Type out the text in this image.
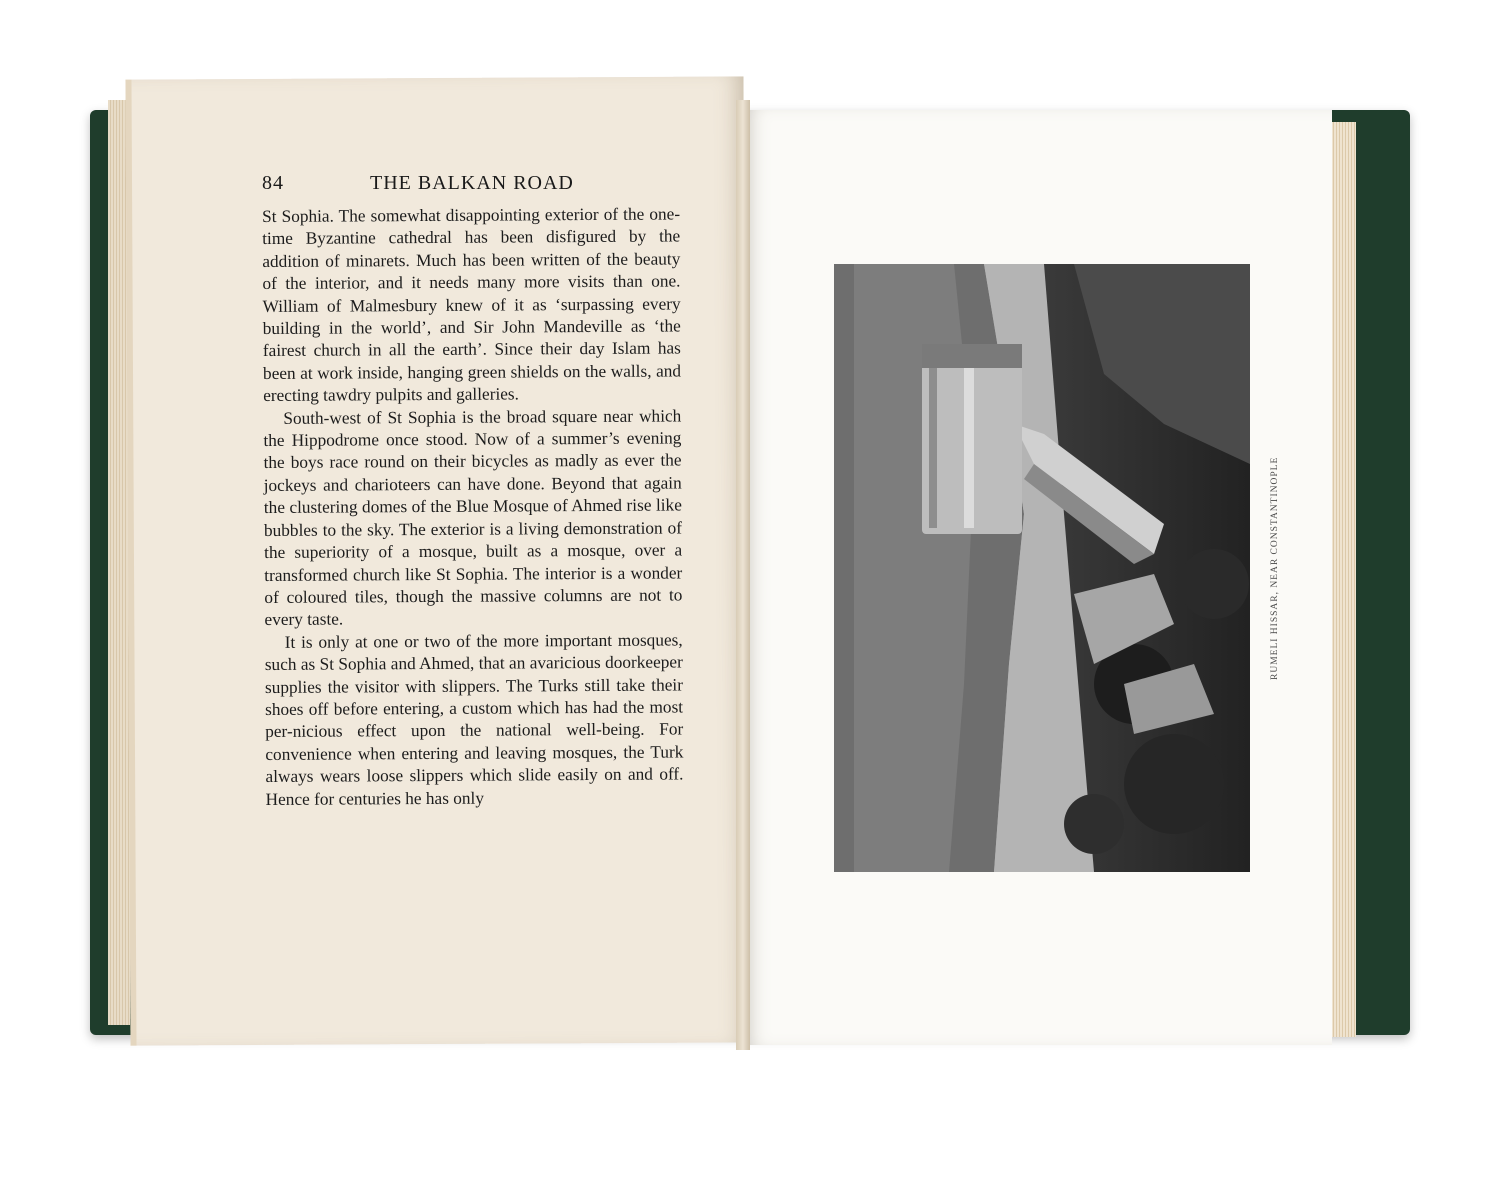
84	THE BALKAN ROAD

St Sophia. The somewhat disappointing exterior of the one-time Byzantine cathedral has been disfigured by the addition of minarets. Much has been written of the beauty of the interior, and it needs many more visits than one. William of Malmesbury knew of it as ‘surpassing every building in the world’, and Sir John Mandeville as ‘the fairest church in all the earth’. Since their day Islam has been at work inside, hanging green shields on the walls, and erecting tawdry pulpits and galleries.

South-west of St Sophia is the broad square near which the Hippodrome once stood. Now of a summer’s evening the boys race round on their bicycles as madly as ever the jockeys and charioteers can have done. Beyond that again the clustering domes of the Blue Mosque of Ahmed rise like bubbles to the sky. The exterior is a living demonstration of the superiority of a mosque, built as a mosque, over a transformed church like St Sophia. The interior is a wonder of coloured tiles, though the massive columns are not to every taste.

It is only at one or two of the more important mosques, such as St Sophia and Ahmed, that an avaricious doorkeeper supplies the visitor with slippers. The Turks still take their shoes off before entering, a custom which has had the most per-nicious effect upon the national well-being. For convenience when entering and leaving mosques, the Turk always wears loose slippers which slide easily on and off. Hence for centuries he has only

RUMELI HISSAR, NEAR CONSTANTINOPLE
